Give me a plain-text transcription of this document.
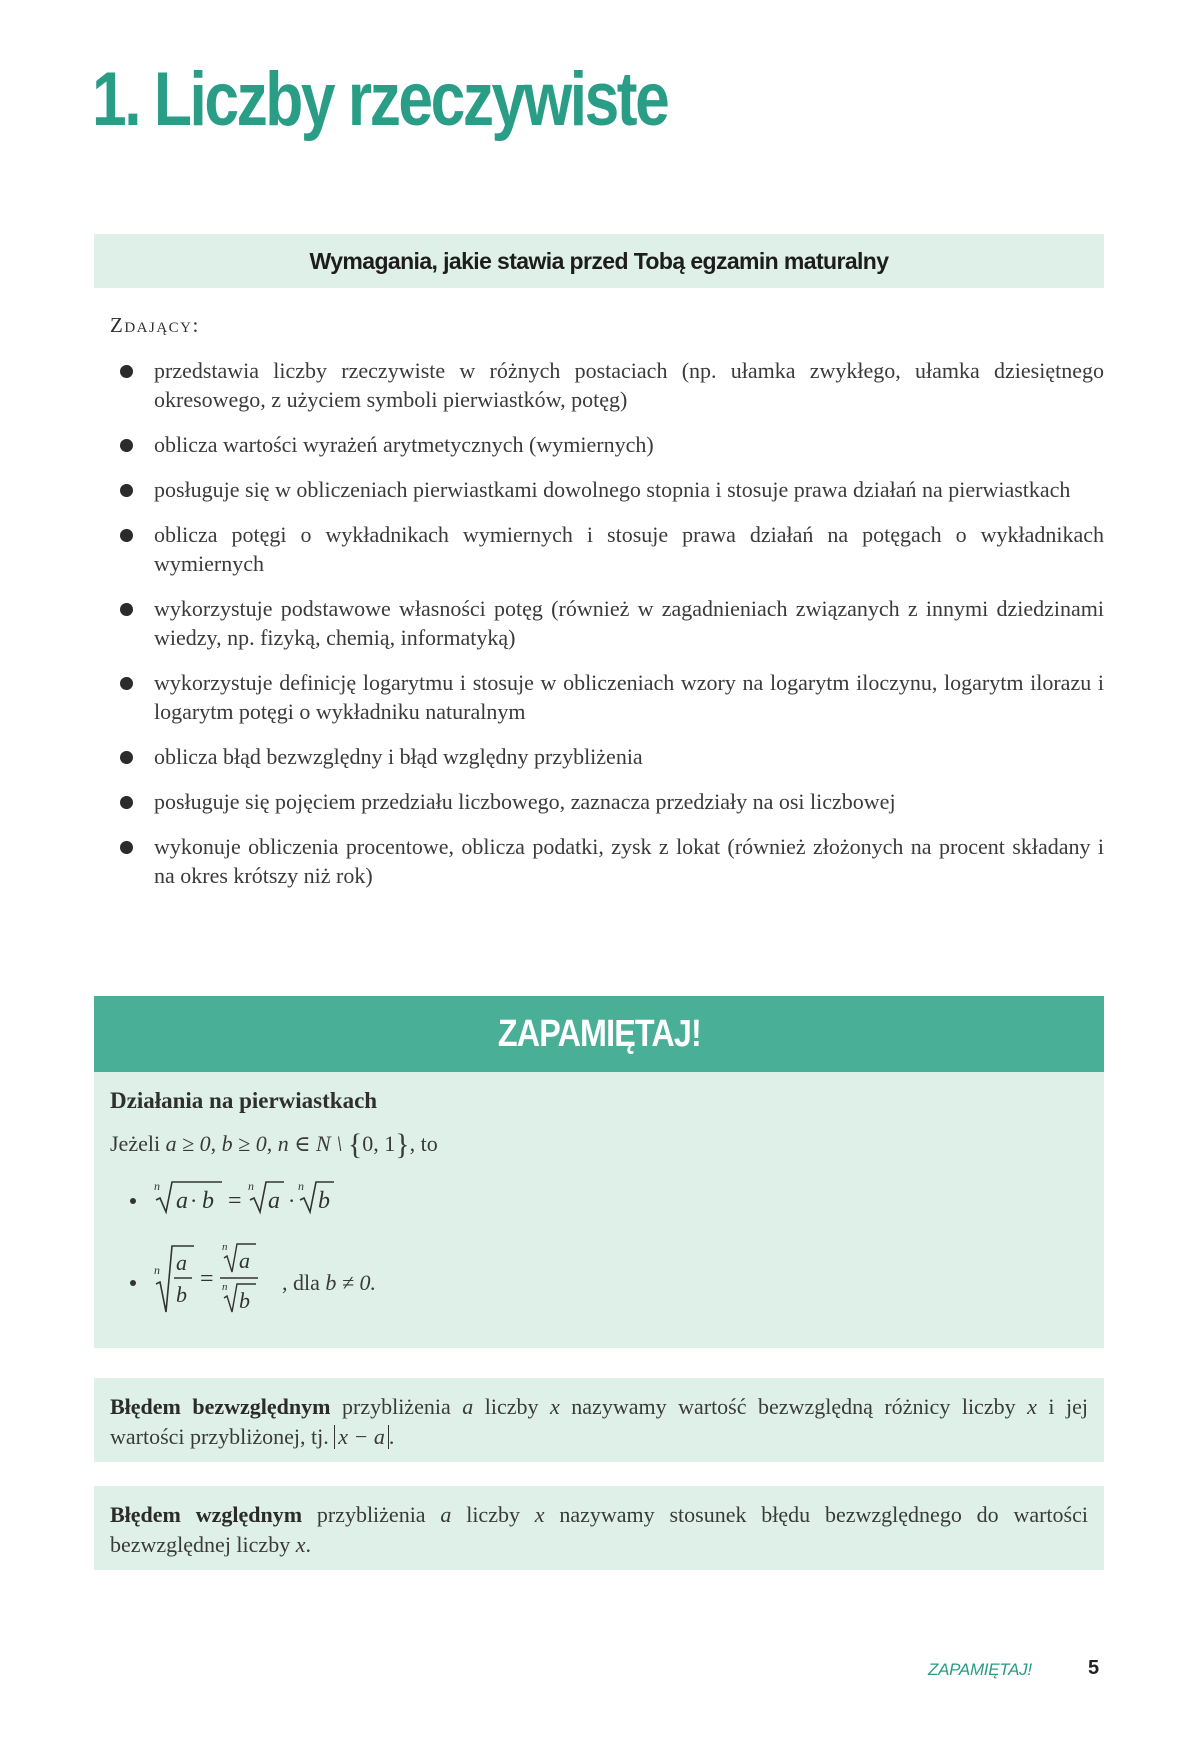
1. Liczby rzeczywiste
Wymagania, jakie stawia przed Tobą egzamin maturalny
Zdający:
przedstawia liczby rzeczywiste w różnych postaciach (np. ułamka zwykłego, ułamka dziesiętnego okresowego, z użyciem symboli pierwiastków, potęg)
oblicza wartości wyrażeń arytmetycznych (wymiernych)
posługuje się w obliczeniach pierwiastkami dowolnego stopnia i stosuje prawa działań na pierwiastkach
oblicza potęgi o wykładnikach wymiernych i stosuje prawa działań na potęgach o wykładnikach wymiernych
wykorzystuje podstawowe własności potęg (również w zagadnieniach związanych z innymi dziedzinami wiedzy, np. fizyką, chemią, informatyką)
wykorzystuje definicję logarytmu i stosuje w obliczeniach wzory na logarytm iloczynu, logarytm ilorazu i logarytm potęgi o wykładniku naturalnym
oblicza błąd bezwzględny i błąd względny przybliżenia
posługuje się pojęciem przedziału liczbowego, zaznacza przedziały na osi liczbowej
wykonuje obliczenia procentowe, oblicza podatki, zysk z lokat (również złożonych na procent składany i na okres krótszy niż rok)
ZAPAMIĘTAJ!
Działania na pierwiastkach
Jeżeli a ≥ 0, b ≥ 0, n ∈ N \ {0, 1}, to
n
a · b =
n
a ·
n
b
n a
b
=
n
a
n
b
, dla b ≠ 0.
Błędem bezwzględnym przybliżenia a liczby x nazywamy wartość bezwzględną różnicy liczby x i jej wartości przybliżonej, tj. x − a .
Błędem względnym przybliżenia a liczby x nazywamy stosunek błędu bezwzględnego do wartości bezwzględnej liczby x.
ZAPAMIĘTAJ!	5
